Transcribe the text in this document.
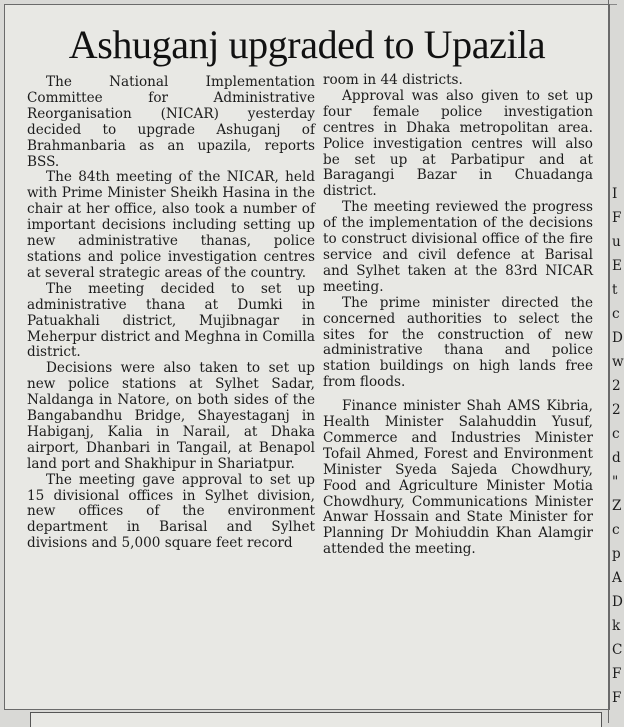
Ashuganj upgraded to Upazila

The National Implementation Committee for Administrative Reorganisation (NICAR) yesterday decided to upgrade Ashuganj of Brahmanbaria as an upazila, reports BSS.

The 84th meeting of the NICAR, held with Prime Minister Sheikh Hasina in the chair at her office, also took a number of important decisions including setting up new administrative thanas, police stations and police investigation centres at several strategic areas of the country.

The meeting decided to set up administrative thana at Dumki in Patuakhali district, Mujibnagar in Meherpur district and Meghna in Comilla district.

Decisions were also taken to set up new police stations at Sylhet Sadar, Naldanga in Natore, on both sides of the Bangabandhu Bridge, Shayestaganj in Habiganj, Kalia in Narail, at Dhaka airport, Dhanbari in Tangail, at Benapol land port and Shakhipur in Shariatpur.

The meeting gave approval to set up 15 divisional offices in Sylhet division, new offices of the environment department in Barisal and Sylhet divisions and 5,000 square feet record

room in 44 districts.

Approval was also given to set up four female police investigation centres in Dhaka metropolitan area. Police investigation centres will also be set up at Parbatipur and at Baragangi Bazar in Chuadanga district.

The meeting reviewed the progress of the implementation of the decisions to construct divisional office of the fire service and civil defence at Barisal and Sylhet taken at the 83rd NICAR meeting.

The prime minister directed the concerned authorities to select the sites for the construction of new administrative thana and police station buildings on high lands free from floods.

Finance minister Shah AMS Kibria, Health Minister Salahuddin Yusuf, Commerce and Industries Minister Tofail Ahmed, Forest and Environment Minister Syeda Sajeda Chowdhury, Food and Agriculture Minister Motia Chowdhury, Communications Minister Anwar Hossain and State Minister for Planning Dr Mohiuddin Khan Alamgir attended the meeting.

I
F
u
E
t
c
D
w
2
2
c
d
"
Z
c
p
A
D
k
C
F
F
